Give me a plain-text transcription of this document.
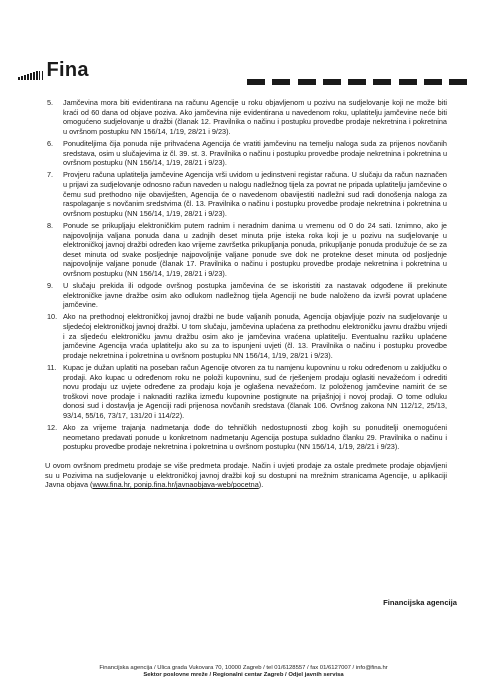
Fina
5. Jamčevina mora biti evidentirana na računu Agencije u roku objavljenom u pozivu na sudjelovanje koji ne može biti kraći od 60 dana od objave poziva. Ako jamčevina nije evidentirana u navedenom roku, uplatitelju jamčevine neće biti omogućeno sudjelovanje u dražbi (članak 12. Pravilnika o načinu i postupku provedbe prodaje nekretnina i pokretnina u ovršnom postupku NN 156/14, 1/19, 28/21 i 9/23).
6. Ponuditeljima čija ponuda nije prihvaćena Agencija će vratiti jamčevinu na temelju naloga suda za prijenos novčanih sredstava, osim u slučajevima iz čl. 39. st. 3. Pravilnika o načinu i postupku provedbe prodaje nekretnina i pokretnina u ovršnom postupku (NN 156/14, 1/19, 28/21 i 9/23).
7. Provjeru računa uplatitelja jamčevine Agencija vrši uvidom u jedinstveni registar računa. U slučaju da račun naznačen u prijavi za sudjelovanje odnosno račun naveden u nalogu nadležnog tijela za povrat ne pripada uplatitelju jamčevine o čemu sud prethodno nije obaviješten, Agencija će o navedenom obavijestiti nadležni sud radi donošenja naloga za raspolaganje s novčanim sredstvima (čl. 13. Pravilnika o načinu i postupku provedbe prodaje nekretnina i pokretnina u ovršnom postupku (NN 156/14, 1/19, 28/21 i 9/23).
8. Ponude se prikupljaju elektroničkim putem radnim i neradnim danima u vremenu od 0 do 24 sati. Iznimno, ako je najpovoljnija valjana ponuda dana u zadnjih deset minuta prije isteka roka koji je u pozivu na sudjelovanje u elektroničkoj javnoj dražbi određen kao vrijeme završetka prikupljanja ponuda, prikupljanje ponuda produžuje će se za deset minuta od svake posljednje najpovoljnije valjane ponude sve dok ne protekne deset minuta od posljednje najpovoljnije valjane ponude (članak 17. Pravilnika o načinu i postupku provedbe prodaje nekretnina i pokretnina u ovršnom postupku (NN 156/14, 1/19, 28/21 i 9/23).
9. U slučaju prekida ili odgode ovršnog postupka jamčevina će se iskoristiti za nastavak odgođene ili prekinute elektroničke javne dražbe osim ako odlukom nadležnog tijela Agenciji ne bude naloženo da izvrši povrat uplaćene jamčevine.
10. Ako na prethodnoj elektroničkoj javnoj dražbi ne bude valjanih ponuda, Agencija objavljuje poziv na sudjelovanje u sljedećoj elektroničkoj javnoj dražbi. U tom slučaju, jamčevina uplaćena za prethodnu elektroničku javnu dražbu vrijedi i za sljedeću elektroničku javnu dražbu osim ako je jamčevina vraćena uplatitelju. Eventualnu razliku uplaćene jamčevine Agencija vraća uplatitelju ako su za to ispunjeni uvjeti (čl. 13. Pravilnika o načinu i postupku provedbe prodaje nekretnina i pokretnina u ovršnom postupku NN 156/14, 1/19, 28/21 i 9/23).
11. Kupac je dužan uplatiti na poseban račun Agencije otvoren za tu namjenu kupovninu u roku određenom u zaključku o prodaji. Ako kupac u određenom roku ne položi kupovninu, sud će rješenjem prodaju oglasiti nevažećom i odrediti novu prodaju uz uvjete određene za prodaju koja je oglašena nevažećom. Iz položenog jamčevine namirit će se troškovi nove prodaje i naknaditi razlika između kupovnine postignute na prijašnjoj i novoj prodaji. O tome odluku donosi sud i dostavlja je Agenciji radi prijenosa novčanih sredstava (članak 106. Ovršnog zakona NN 112/12, 25/13, 93/14, 55/16, 73/17, 131/20 i 114/22).
12. Ako za vrijeme trajanja nadmetanja dođe do tehničkih nedostupnosti zbog kojih su ponuditelji onemogućeni neometano predavati ponude u konkretnom nadmetanju Agencija postupa sukladno članku 29. Pravilnika o načinu i postupku provedbe prodaje nekretnina i pokretnina u ovršnom postupku (NN 156/14, 1/19, 28/21 i 9/23).

U ovom ovršnom predmetu prodaje se više predmeta prodaje. Način i uvjeti prodaje za ostale predmete prodaje objavljeni su u Pozivima na sudjelovanje u elektroničkoj javnoj dražbi koji su dostupni na mrežnim stranicama Agencije, u aplikaciji Javna objava (www.fina.hr, ponip.fina.hr/javnaobjava-web/pocetna).

Financijska agencija
Financijska agencija / Ulica grada Vukovara 70, 10000 Zagreb / tel 01/6128557 / fax 01/6127007 / info@fina.hr
Sektor poslovne mreže / Regionalni centar Zagreb / Odjel javnih servisa
